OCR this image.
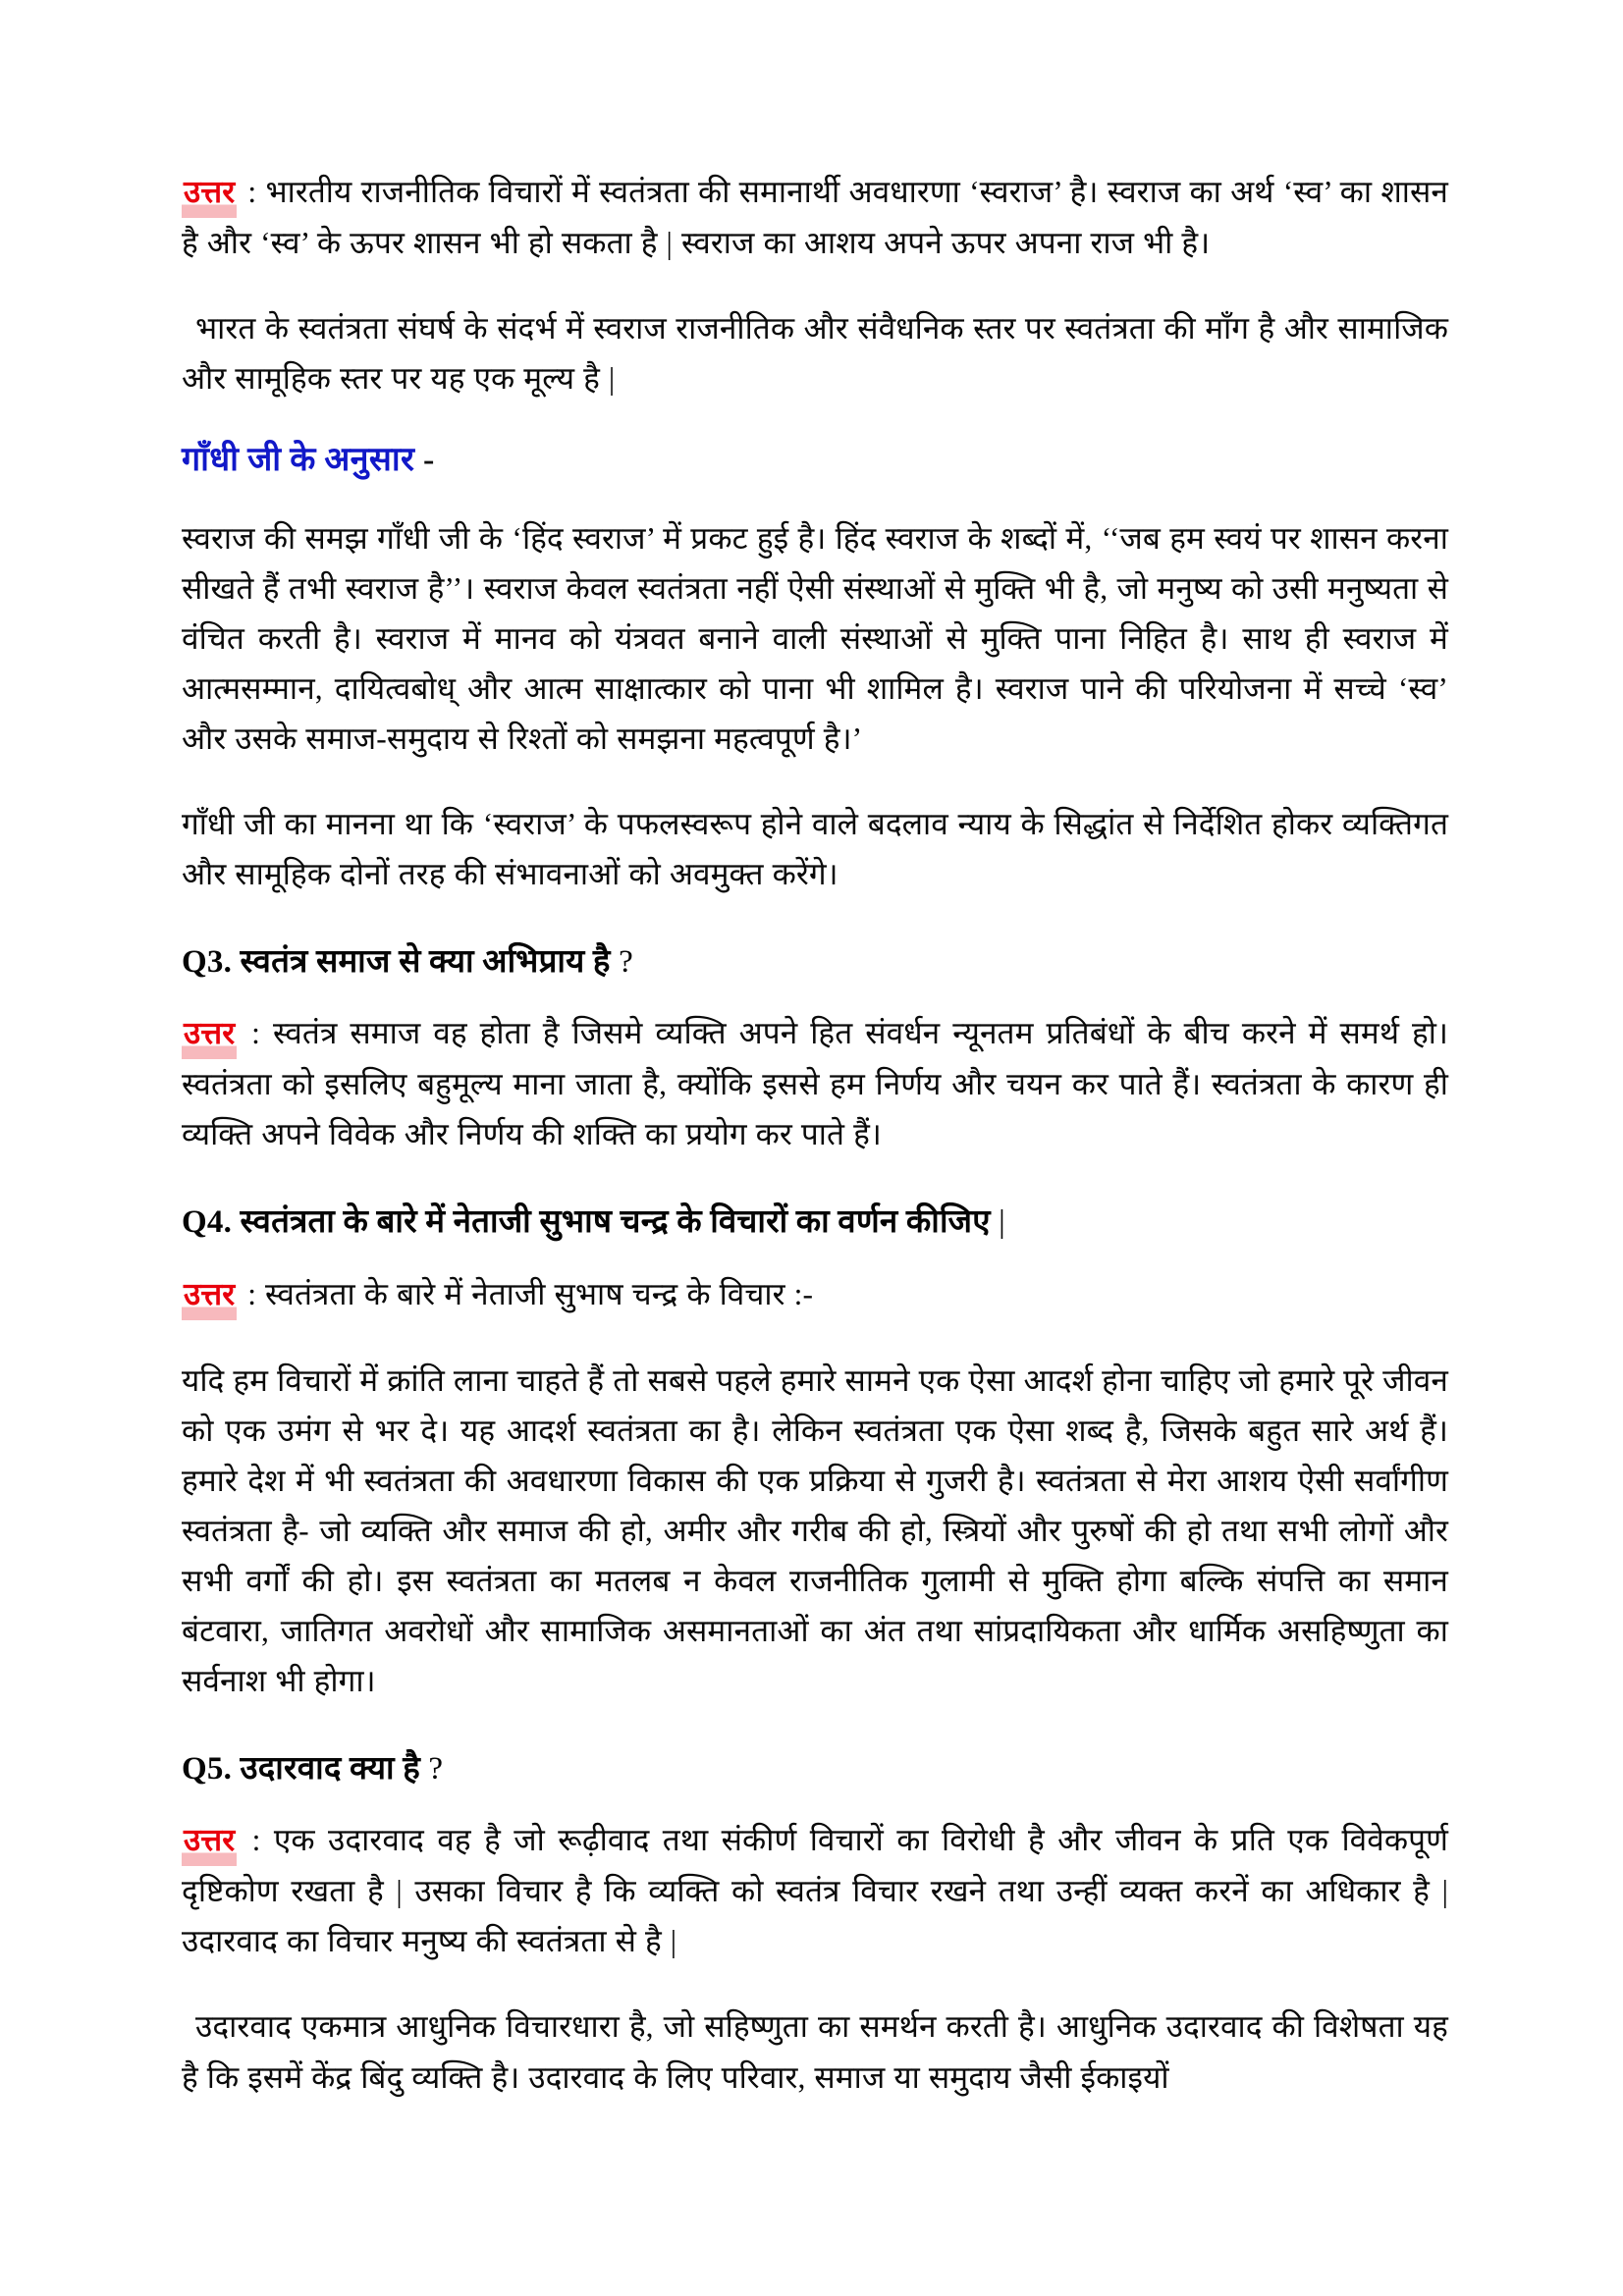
उत्तर : भारतीय राजनीतिक विचारों में स्वतंत्रता की समानार्थी अवधारणा ‘स्वराज’ है। स्वराज का अर्थ ‘स्व’ का शासन है और ‘स्व’ के ऊपर शासन भी हो सकता है | स्वराज का आशय अपने ऊपर अपना राज भी है।

भारत के स्वतंत्रता संघर्ष के संदर्भ में स्वराज राजनीतिक और संवैधनिक स्तर पर स्वतंत्रता की माँग है और सामाजिक और सामूहिक स्तर पर यह एक मूल्य है |

गाँधी जी के अनुसार -

स्वराज की समझ गाँधी जी के ‘हिंद स्वराज’ में प्रकट हुई है। हिंद स्वराज के शब्दों में, ‘‘जब हम स्वयं पर शासन करना सीखते हैं तभी स्वराज है’’। स्वराज केवल स्वतंत्रता नहीं ऐसी संस्थाओं से मुक्ति भी है, जो मनुष्य को उसी मनुष्यता से वंचित करती है। स्वराज में मानव को यंत्रवत बनाने वाली संस्थाओं से मुक्ति पाना निहित है। साथ ही स्वराज में आत्मसम्मान, दायित्वबोध् और आत्म साक्षात्कार को पाना भी शामिल है। स्वराज पाने की परियोजना में सच्चे ‘स्व’ और उसके समाज-समुदाय से रिश्तों को समझना महत्वपूर्ण है।’

गाँधी जी का मानना था कि ‘स्वराज’ के पफलस्वरूप होने वाले बदलाव न्याय के सिद्धांत से निर्देशित होकर व्यक्तिगत और सामूहिक दोनों तरह की संभावनाओं को अवमुक्त करेंगे।

Q3. स्वतंत्र समाज से क्या अभिप्राय है ?

उत्तर : स्वतंत्र समाज वह होता है जिसमे व्यक्ति अपने हित संवर्धन न्यूनतम प्रतिबंधों के बीच करने में समर्थ हो। स्वतंत्रता को इसलिए बहुमूल्य माना जाता है, क्योंकि इससे हम निर्णय और चयन कर पाते हैं। स्वतंत्रता के कारण ही व्यक्ति अपने विवेक और निर्णय की शक्ति का प्रयोग कर पाते हैं।

Q4. स्वतंत्रता के बारे में नेताजी सुभाष चन्द्र के विचारों का वर्णन कीजिए |

उत्तर : स्वतंत्रता के बारे में नेताजी सुभाष चन्द्र के विचार :-

यदि हम विचारों में क्रांति लाना चाहते हैं तो सबसे पहले हमारे सामने एक ऐसा आदर्श होना चाहिए जो हमारे पूरे जीवन को एक उमंग से भर दे। यह आदर्श स्वतंत्रता का है। लेकिन स्वतंत्रता एक ऐसा शब्द है, जिसके बहुत सारे अर्थ हैं। हमारे देश में भी स्वतंत्रता की अवधारणा विकास की एक प्रक्रिया से गुजरी है। स्वतंत्रता से मेरा आशय ऐसी सर्वांगीण स्वतंत्रता है- जो व्यक्ति और समाज की हो, अमीर और गरीब की हो, स्त्रियों और पुरुषों की हो तथा सभी लोगों और सभी वर्गों की हो। इस स्वतंत्रता का मतलब न केवल राजनीतिक गुलामी से मुक्ति होगा बल्कि संपत्ति का समान बंटवारा, जातिगत अवरोधों और सामाजिक असमानताओं का अंत तथा सांप्रदायिकता और धार्मिक असहिष्णुता का सर्वनाश भी होगा।

Q5. उदारवाद क्या है ?

उत्तर : एक उदारवाद वह है जो रूढ़ीवाद तथा संकीर्ण विचारों का विरोधी है और जीवन के प्रति एक विवेकपूर्ण दृष्टिकोण रखता है | उसका विचार है कि व्यक्ति को स्वतंत्र विचार रखने तथा उन्हीं व्यक्त करनें का अधिकार है | उदारवाद का विचार मनुष्य की स्वतंत्रता से है |

उदारवाद एकमात्र आधुनिक विचारधारा है, जो सहिष्णुता का समर्थन करती है। आधुनिक उदारवाद की विशेषता यह है कि इसमें केंद्र बिंदु व्यक्ति है। उदारवाद के लिए परिवार, समाज या समुदाय जैसी ईकाइयों
